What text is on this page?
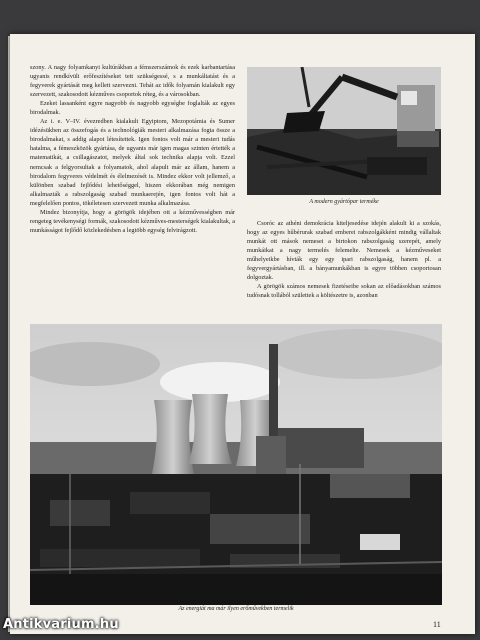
szony. A nagy folyamkanyi kultúrákban a fémszerszámok és ezek karbantartása ugyanis rendkívüli erőfeszítéseket tett szükségessé, s a munkáltatást és a fegyverek gyártását meg kellett szervezni. Tehát az idők folyamán kialakult egy szervezett, szakosodott kézműves csoportok réteg, és a városokban.

Ezeket lassanként egyre nagyobb és nagyobb egységbe foglalták az egyes birodalmak.

Az i. e. V–IV. évezredben kialakult Egyiptom, Mezopotámia és Sumer idézésükben az összefogás és a technológiák mesteri alkalmazása fogta össze a birodalmakat, s addig alapot létesítettek. Igen fontos volt már a mesteri tudás hatalma, a fémeszközök gyártása, de ugyanis már igen magas szinten értették a matematikát, a csillagászatot, melyek által sok technika alapja volt. Ezzel nemcsak a felgyorsultak a folyamatok, ahol alapult már az állam, hanem a birodalom fegyveres védelmét és élelmezését is. Mindez ekkor volt jellemző, a különben szabad fejlődési lehetőséggel, hiszen ekkorában még nemigen alkalmazták a rabszolgaság szabad munkaerején, igen fontos volt hát a megfelelően pontos, tökéletesen szervezett munka alkalmazása.

Mindez bizonyítja, hogy a görögök idejében ott a kézművességben már rengeteg tevékenységi formák, szakosodott kézműves-mesterségek kialakultak, a munkásságot fejlődő közlekedésben a legtöbb egység felvirágzott.

A modern gyártópar terméke

Csoróc az athéni demokrácia kiteljesedése idején alakult ki a szokás, hogy az egyes hűbérurak szabad emberei rabszolgákként mindig vállaltak munkát ott mások nemesei a birtokon rabszolgaság szerepét, amely munkáikat a nagy termelés felemelte. Nemesek a kézműveseket műhelyeikbe hívták egy egy ipari rabszolgaság, hanem pl. a fegyvergyártásban, ill. a bányamunkákban is egyre többen csoportosan dolgoztak.

A görögök számos nemesek fizetéseibe sokan az előadásokban számos tudósnak tollából születtek a költészetre is, azonban

Az energiát ma már ilyen erőművekben termelik
11
Antikvarium.hu
